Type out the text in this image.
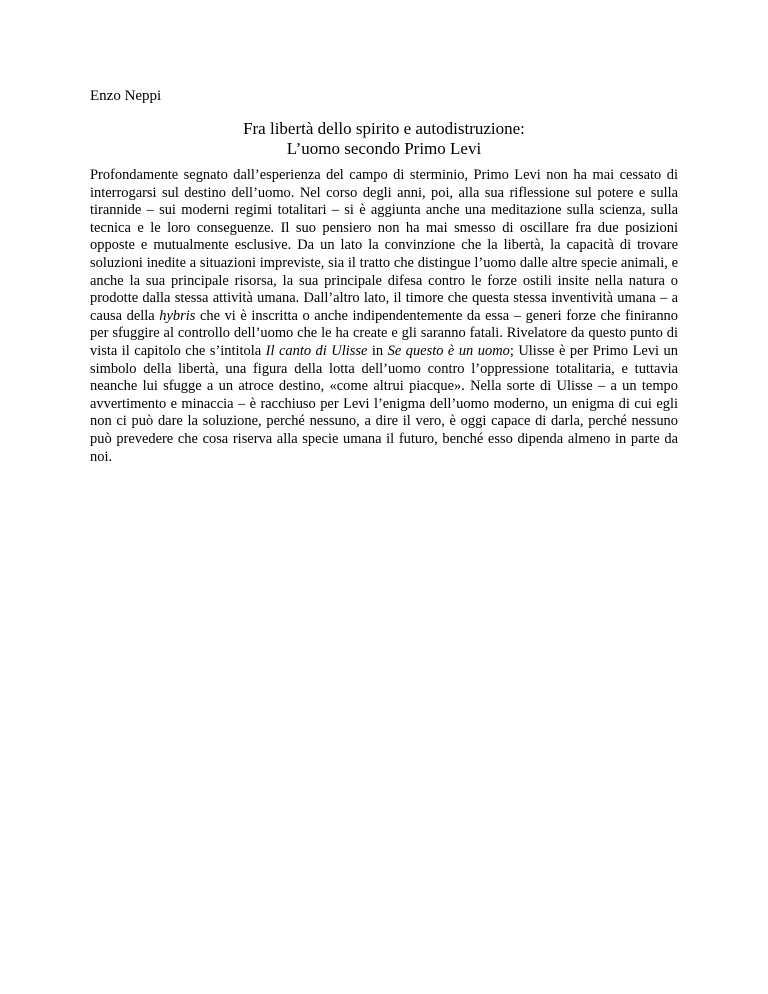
Enzo Neppi

Fra libertà dello spirito e autodistruzione:
L’uomo secondo Primo Levi

Profondamente segnato dall’esperienza del campo di sterminio, Primo Levi non ha mai cessato di interrogarsi sul destino dell’uomo. Nel corso degli anni, poi, alla sua riflessione sul potere e sulla tirannide – sui moderni regimi totalitari – si è aggiunta anche una meditazione sulla scienza, sulla tecnica e le loro conseguenze. Il suo pensiero non ha mai smesso di oscillare fra due posizioni opposte e mutualmente esclusive. Da un lato la convinzione che la libertà, la capacità di trovare soluzioni inedite a situazioni impreviste, sia il tratto che distingue l’uomo dalle altre specie animali, e anche la sua principale risorsa, la sua principale difesa contro le forze ostili insite nella natura o prodotte dalla stessa attività umana. Dall’altro lato, il timore che questa stessa inventività umana – a causa della hybris che vi è inscritta o anche indipendentemente da essa – generi forze che finiranno per sfuggire al controllo dell’uomo che le ha create e gli saranno fatali. Rivelatore da questo punto di vista il capitolo che s’intitola Il canto di Ulisse in Se questo è un uomo; Ulisse è per Primo Levi un simbolo della libertà, una figura della lotta dell’uomo contro l’oppressione totalitaria, e tuttavia neanche lui sfugge a un atroce destino, «come altrui piacque». Nella sorte di Ulisse – a un tempo avvertimento e minaccia – è racchiuso per Levi l’enigma dell’uomo moderno, un enigma di cui egli non ci può dare la soluzione, perché nessuno, a dire il vero, è oggi capace di darla, perché nessuno può prevedere che cosa riserva alla specie umana il futuro, benché esso dipenda almeno in parte da noi.
